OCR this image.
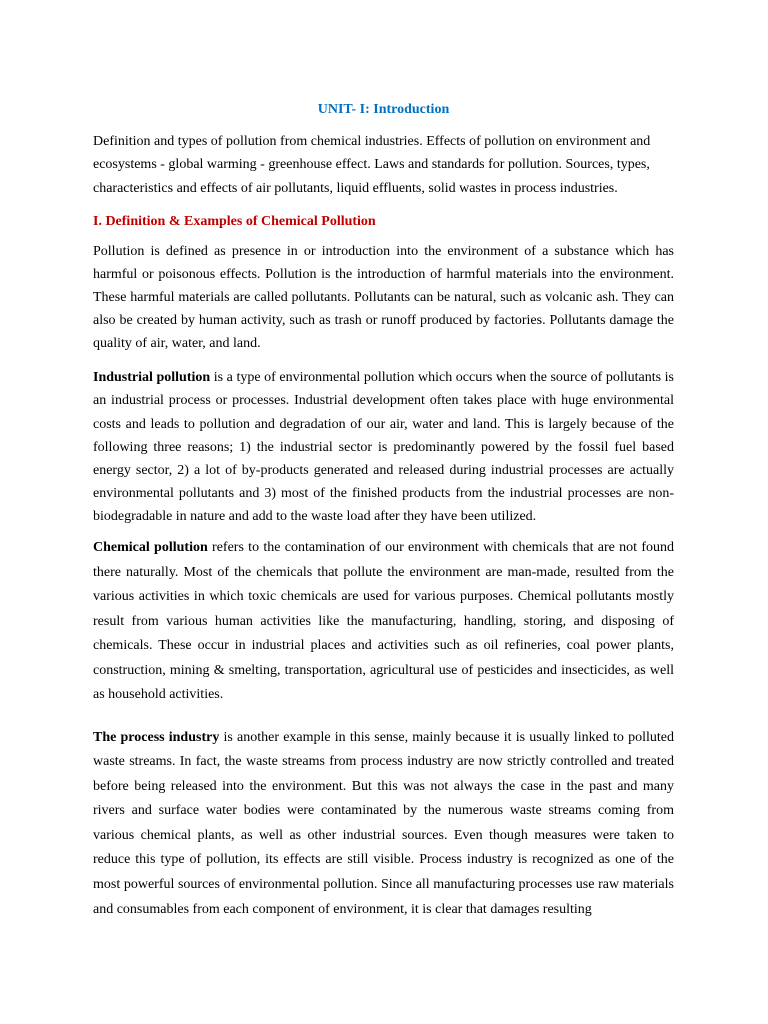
UNIT- I: Introduction

Definition and types of pollution from chemical industries. Effects of pollution on environment and ecosystems - global warming - greenhouse effect. Laws and standards for pollution. Sources, types, characteristics and effects of air pollutants, liquid effluents, solid wastes in process industries.

I. Definition & Examples of Chemical Pollution

Pollution is defined as presence in or introduction into the environment of a substance which has harmful or poisonous effects. Pollution is the introduction of harmful materials into the environment. These harmful materials are called pollutants. Pollutants can be natural, such as volcanic ash. They can also be created by human activity, such as trash or runoff produced by factories. Pollutants damage the quality of air, water, and land.

Industrial pollution is a type of environmental pollution which occurs when the source of pollutants is an industrial process or processes. Industrial development often takes place with huge environmental costs and leads to pollution and degradation of our air, water and land. This is largely because of the following three reasons; 1) the industrial sector is predominantly powered by the fossil fuel based energy sector, 2) a lot of by-products generated and released during industrial processes are actually environmental pollutants and 3) most of the finished products from the industrial processes are non-biodegradable in nature and add to the waste load after they have been utilized.

Chemical pollution refers to the contamination of our environment with chemicals that are not found there naturally. Most of the chemicals that pollute the environment are man-made, resulted from the various activities in which toxic chemicals are used for various purposes. Chemical pollutants mostly result from various human activities like the manufacturing, handling, storing, and disposing of chemicals. These occur in industrial places and activities such as oil refineries, coal power plants, construction, mining & smelting, transportation, agricultural use of pesticides and insecticides, as well as household activities.

The process industry is another example in this sense, mainly because it is usually linked to polluted waste streams. In fact, the waste streams from process industry are now strictly controlled and treated before being released into the environment. But this was not always the case in the past and many rivers and surface water bodies were contaminated by the numerous waste streams coming from various chemical plants, as well as other industrial sources. Even though measures were taken to reduce this type of pollution, its effects are still visible. Process industry is recognized as one of the most powerful sources of environmental pollution. Since all manufacturing processes use raw materials and consumables from each component of environment, it is clear that damages resulting
